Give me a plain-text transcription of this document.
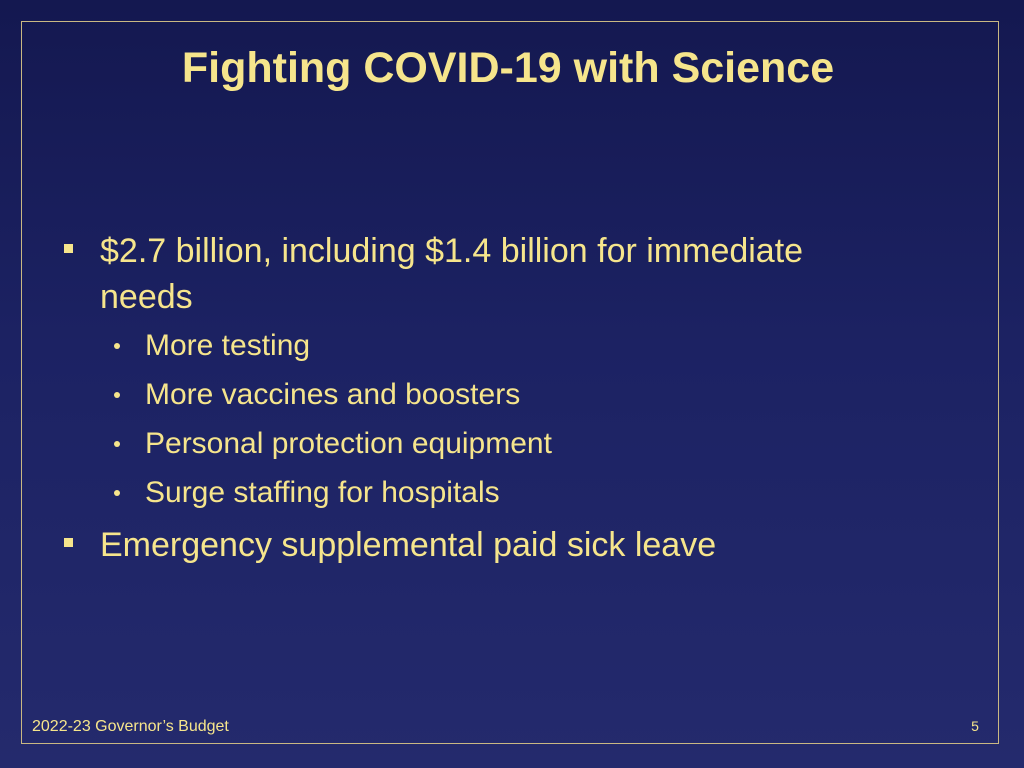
Fighting COVID-19 with Science
$2.7 billion, including $1.4 billion for immediate needs
More testing
More vaccines and boosters
Personal protection equipment
Surge staffing for hospitals
Emergency supplemental paid sick leave
2022-23 Governor’s Budget	5
